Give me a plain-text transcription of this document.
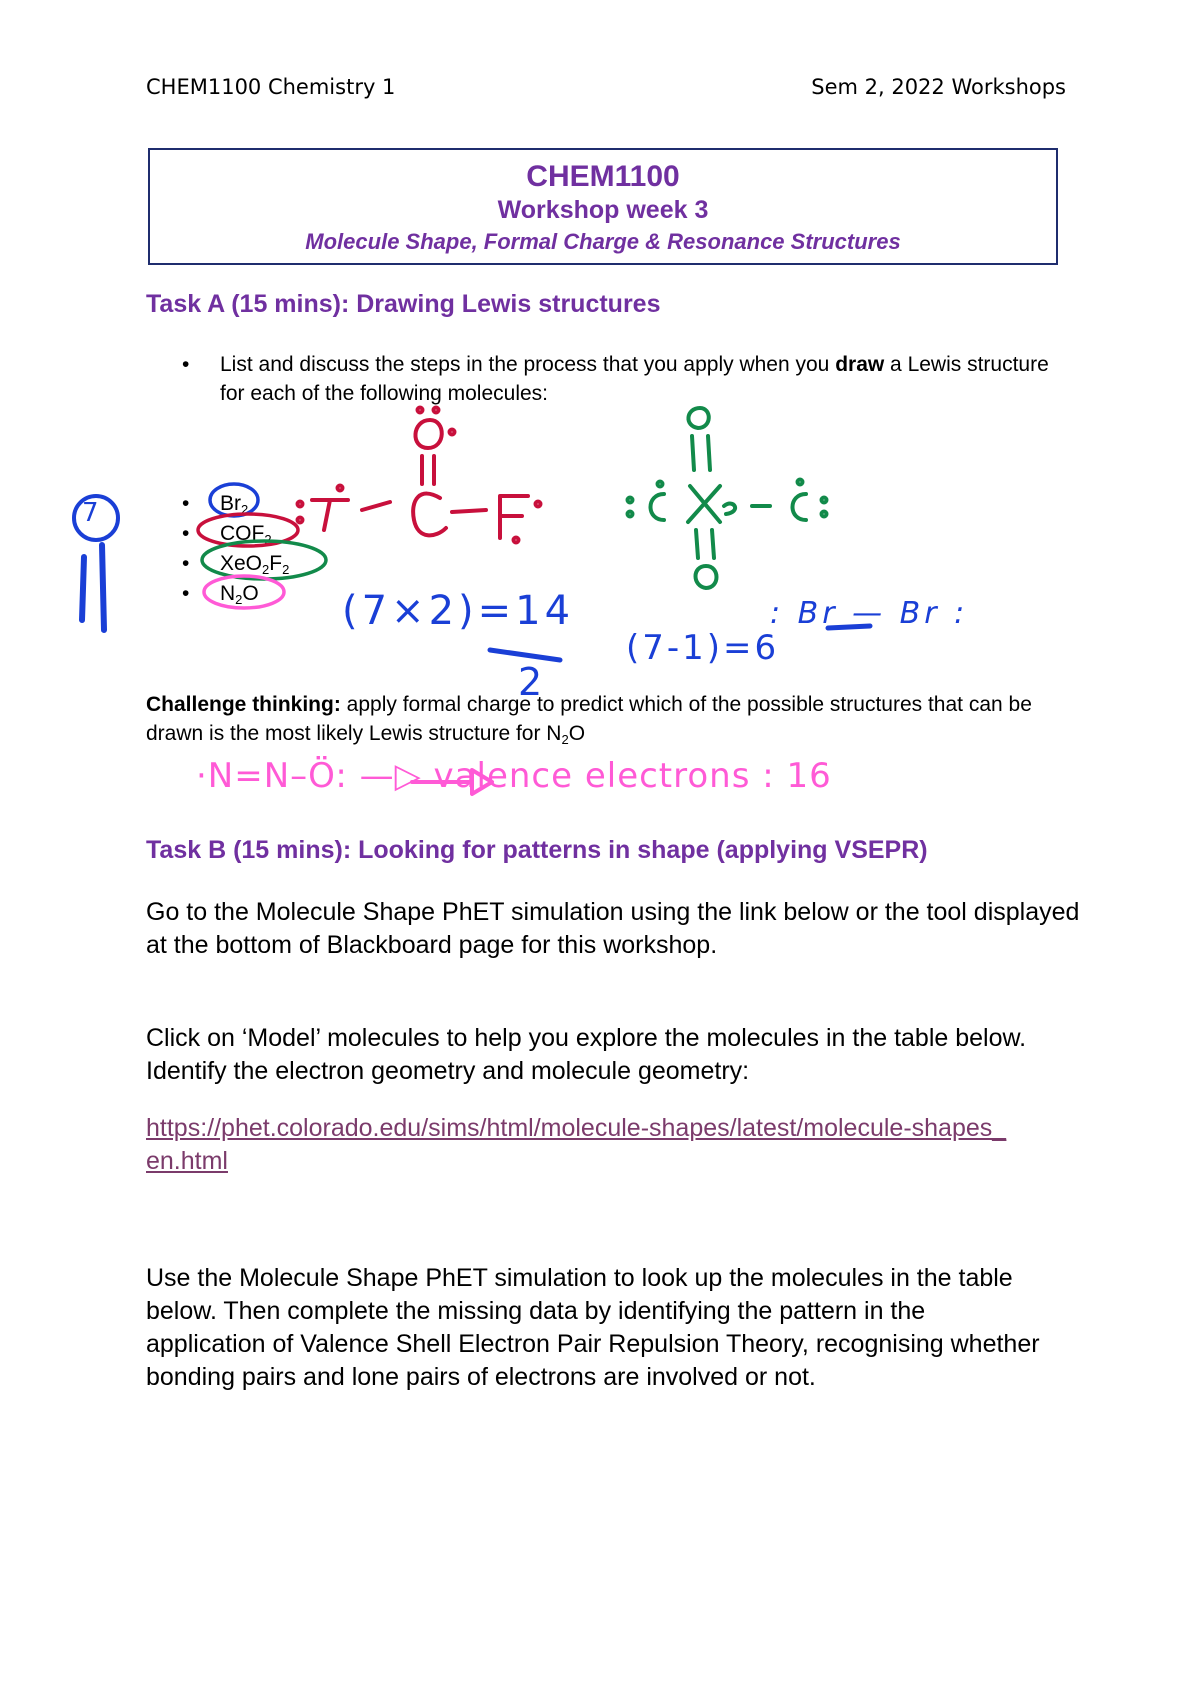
CHEM1100 Chemistry 1	Sem 2, 2022 Workshops
CHEM1100
Workshop week 3
Molecule Shape, Formal Charge & Resonance Structures
Task A (15 mins): Drawing Lewis structures
• List and discuss the steps in the process that you apply when you draw a Lewis structure for each of the following molecules:
• $Br_2$
• $COF_2$
• $XeO_2F_2$
• $N_2O$
Challenge thinking: apply formal charge to predict which of the possible structures that can be drawn is the most likely Lewis structure for $N_2O$
7
(7×2)=14
2
(7-1)=6
: Br — Br :
·N=N–Ö: —▷ valence electrons : 16
Task B (15 mins): Looking for patterns in shape (applying VSEPR)
Go to the Molecule Shape PhET simulation using the link below or the tool displayed at the bottom of Blackboard page for this workshop.
Click on ‘Model’ molecules to help you explore the molecules in the table below. Identify the electron geometry and molecule geometry:
https://phet.colorado.edu/sims/html/molecule-shapes/latest/molecule-shapes_en.html
Use the Molecule Shape PhET simulation to look up the molecules in the table below. Then complete the missing data by identifying the pattern in the application of Valence Shell Electron Pair Repulsion Theory, recognising whether bonding pairs and lone pairs of electrons are involved or not.
